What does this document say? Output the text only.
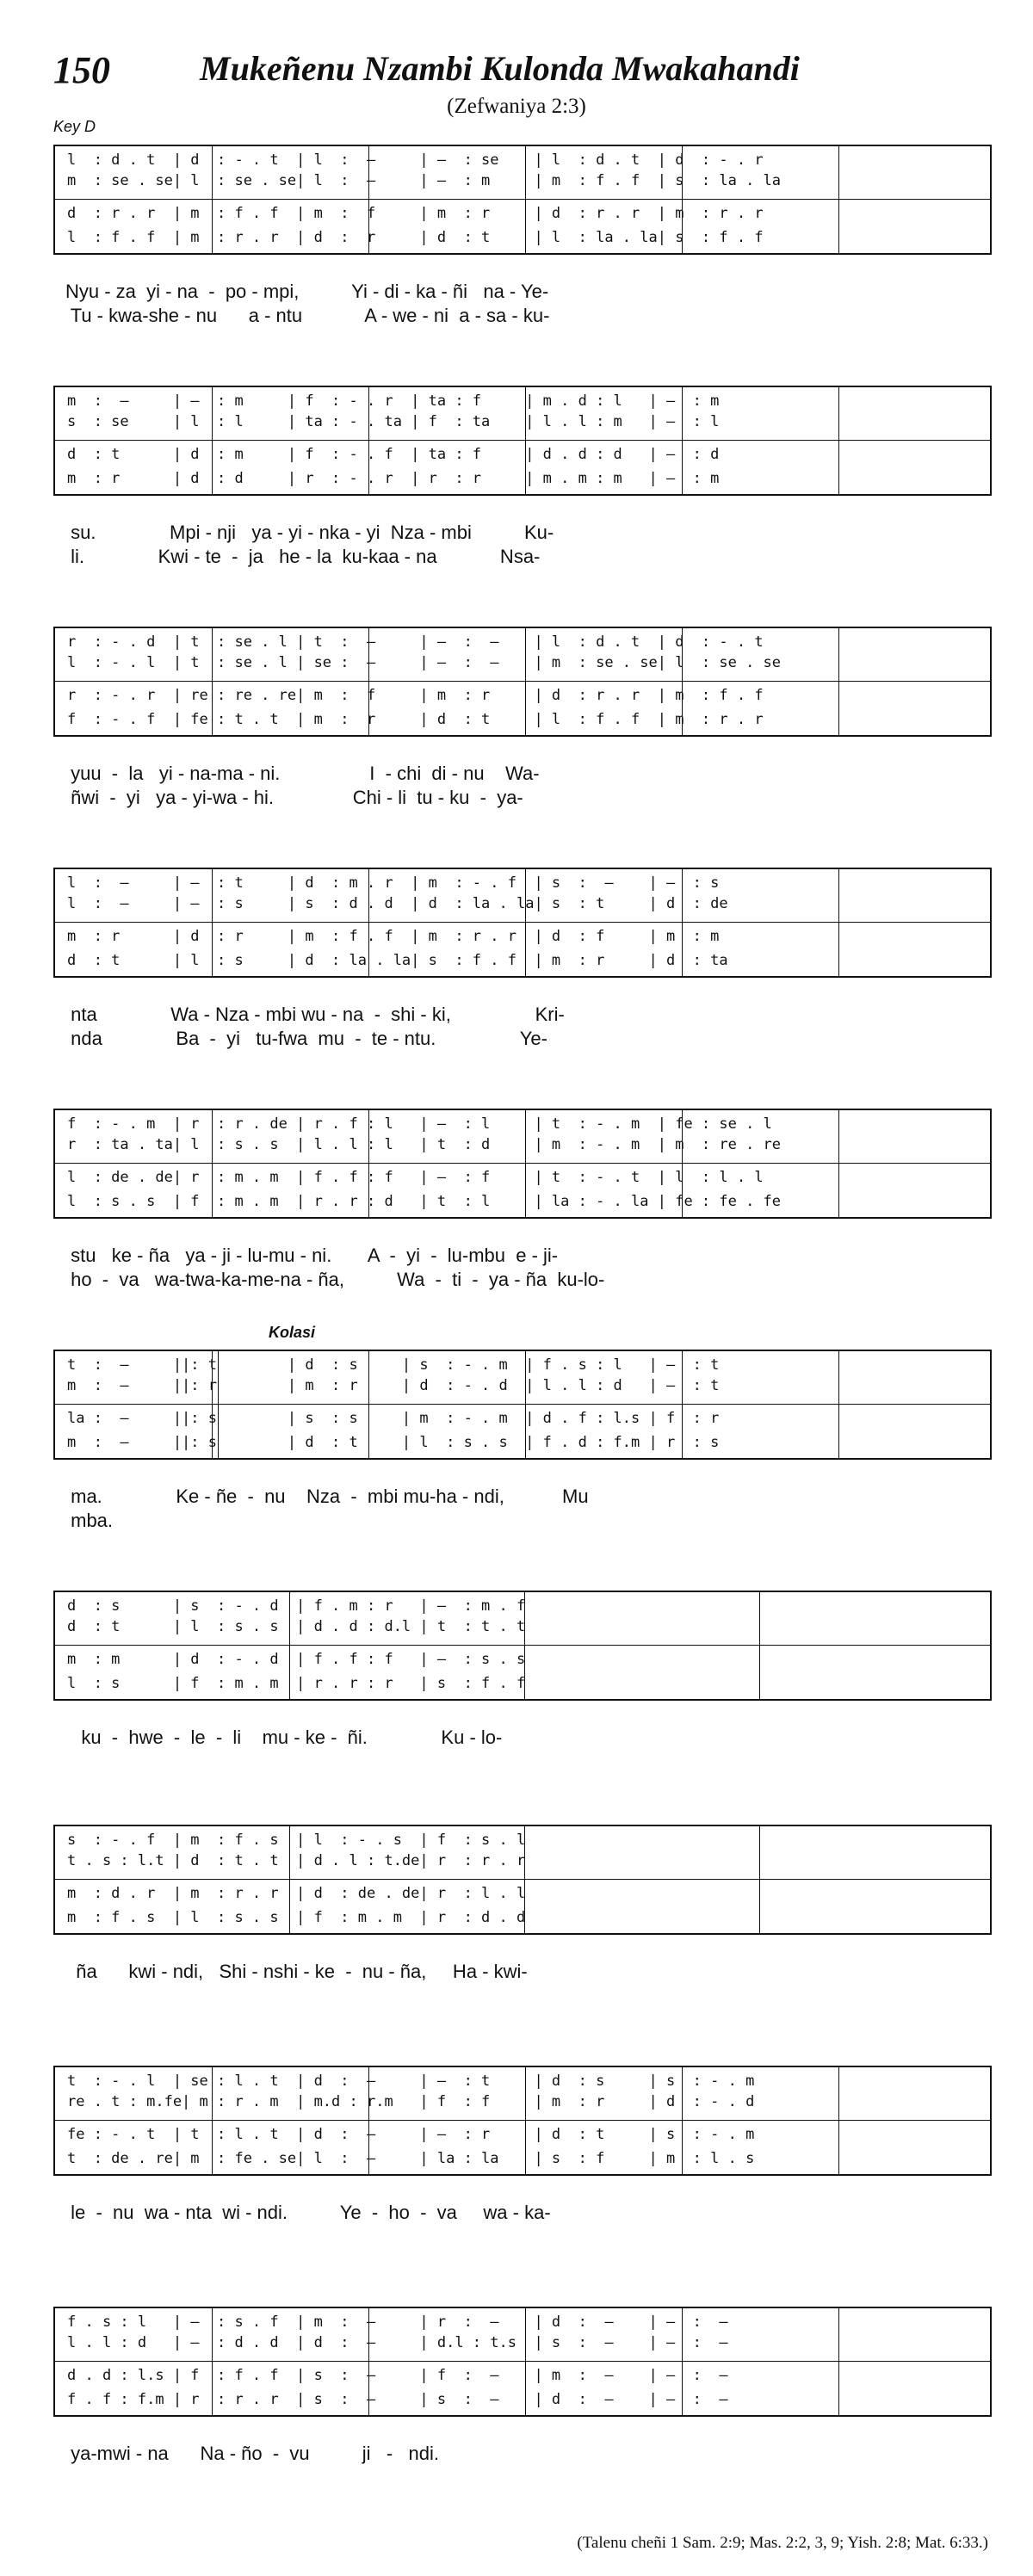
150	Mukeñenu Nzambi Kulonda Mwakahandi
(Zefwaniya 2:3)
Key D
l  : d . t  | d  : - . t  | l  :  —     | —  : se    | l  : d . t  | d  : - . r
m  : se . se| l  : se . se| l  :  —     | —  : m     | m  : f . f  | s  : la . la
d  : r . r  | m  : f . f  | m  :  f     | m  : r     | d  : r . r  | m  : r . r
l  : f . f  | m  : r . r  | d  :  r     | d  : t     | l  : la . la| s  : f . f
Nyu - za  yi - na  -  po - mpi,          Yi - di - ka - ñi   na - Ye-
Tu - kwa-she - nu      a - ntu            A - we - ni  a - sa - ku-
m  :  —     | —  : m     | f  : - . r  | ta : f     | m . d : l   | —  : m
s  : se     | l  : l     | ta : - . ta | f  : ta    | l . l : m   | —  : l
d  : t      | d  : m     | f  : - . f  | ta : f     | d . d : d   | —  : d
m  : r      | d  : d     | r  : - . r  | r  : r     | m . m : m   | —  : m
su.              Mpi - nji   ya - yi - nka - yi  Nza - mbi          Ku-
li.              Kwi - te  -  ja   he - la  ku-kaa - na            Nsa-
r  : - . d  | t  : se . l | t  :  —     | —  :  —    | l  : d . t  | d  : - . t
l  : - . l  | t  : se . l | se :  —     | —  :  —    | m  : se . se| l  : se . se
r  : - . r  | re : re . re| m  :  f     | m  : r     | d  : r . r  | m  : f . f
f  : - . f  | fe : t . t  | m  :  r     | d  : t     | l  : f . f  | m  : r . r
yuu  -  la   yi - na-ma - ni.                 I  - chi  di - nu    Wa-
ñwi  -  yi   ya - yi-wa - hi.               Chi - li  tu - ku  -  ya-
l  :  —     | —  : t     | d  : m . r  | m  : - . f  | s  :  —    | —  : s
l  :  —     | —  : s     | s  : d . d  | d  : la . la| s  : t     | d  : de
m  : r      | d  : r     | m  : f . f  | m  : r . r  | d  : f     | m  : m
d  : t      | l  : s     | d  : la . la| s  : f . f  | m  : r     | d  : ta
nta              Wa - Nza - mbi wu - na  -  shi - ki,                Kri-
nda              Ba  -  yi   tu-fwa  mu  -  te - ntu.                Ye-
f  : - . m  | r  : r . de | r . f : l   | —  : l     | t  : - . m  | fe : se . l
r  : ta . ta| l  : s . s  | l . l : l   | t  : d     | m  : - . m  | m  : re . re
l  : de . de| r  : m . m  | f . f : f   | —  : f     | t  : - . t  | l  : l . l
l  : s . s  | f  : m . m  | r . r : d   | t  : l     | la : - . la | fe : fe . fe
stu   ke - ña   ya - ji - lu-mu - ni.       A  -  yi  -  lu-mbu  e - ji-
ho  -  va   wa-twa-ka-me-na - ña,          Wa  -  ti  -  ya - ña  ku-lo-
Kolasi
t  :  —     ||: t        | d  : s     | s  : - . m  | f . s : l   | —  : t
m  :  —     ||: r        | m  : r     | d  : - . d  | l . l : d   | —  : t
la :  —     ||: s        | s  : s     | m  : - . m  | d . f : l.s | f  : r
m  :  —     ||: s        | d  : t     | l  : s . s  | f . d : f.m | r  : s
ma.              Ke - ñe  -  nu    Nza  -  mbi mu-ha - ndi,           Mu
mba.
d  : s      | s  : - . d  | f . m : r   | —  : m . f
d  : t      | l  : s . s  | d . d : d.l | t  : t . t
m  : m      | d  : - . d  | f . f : f   | —  : s . s
l  : s      | f  : m . m  | r . r : r   | s  : f . f
ku  -  hwe  -  le  -  li    mu - ke -  ñi.              Ku - lo-
s  : - . f  | m  : f . s  | l  : - . s  | f  : s . l
t . s : l.t | d  : t . t  | d . l : t.de| r  : r . r
m  : d . r  | m  : r . r  | d  : de . de| r  : l . l
m  : f . s  | l  : s . s  | f  : m . m  | r  : d . d
ña      kwi - ndi,   Shi - nshi - ke  -  nu - ña,     Ha - kwi-
t  : - . l  | se : l . t  | d  :  —     | —  : t     | d  : s     | s  : - . m
re . t : m.fe| m : r . m  | m.d : r.m   | f  : f     | m  : r     | d  : - . d
fe : - . t  | t  : l . t  | d  :  —     | —  : r     | d  : t     | s  : - . m
t  : de . re| m  : fe . se| l  :  —     | la : la    | s  : f     | m  : l . s
le  -  nu  wa - nta  wi - ndi.          Ye  -  ho  -  va     wa - ka-
f . s : l   | —  : s . f  | m  :  —     | r  :  —    | d  :  —    | —  :  —
l . l : d   | —  : d . d  | d  :  —     | d.l : t.s  | s  :  —    | —  :  —
d . d : l.s | f  : f . f  | s  :  —     | f  :  —    | m  :  —    | —  :  —
f . f : f.m | r  : r . r  | s  :  —     | s  :  —    | d  :  —    | —  :  —
ya-mwi - na      Na - ño  -  vu          ji   -   ndi.
(Talenu cheñi 1 Sam. 2:9; Mas. 2:2, 3, 9; Yish. 2:8; Mat. 6:33.)
